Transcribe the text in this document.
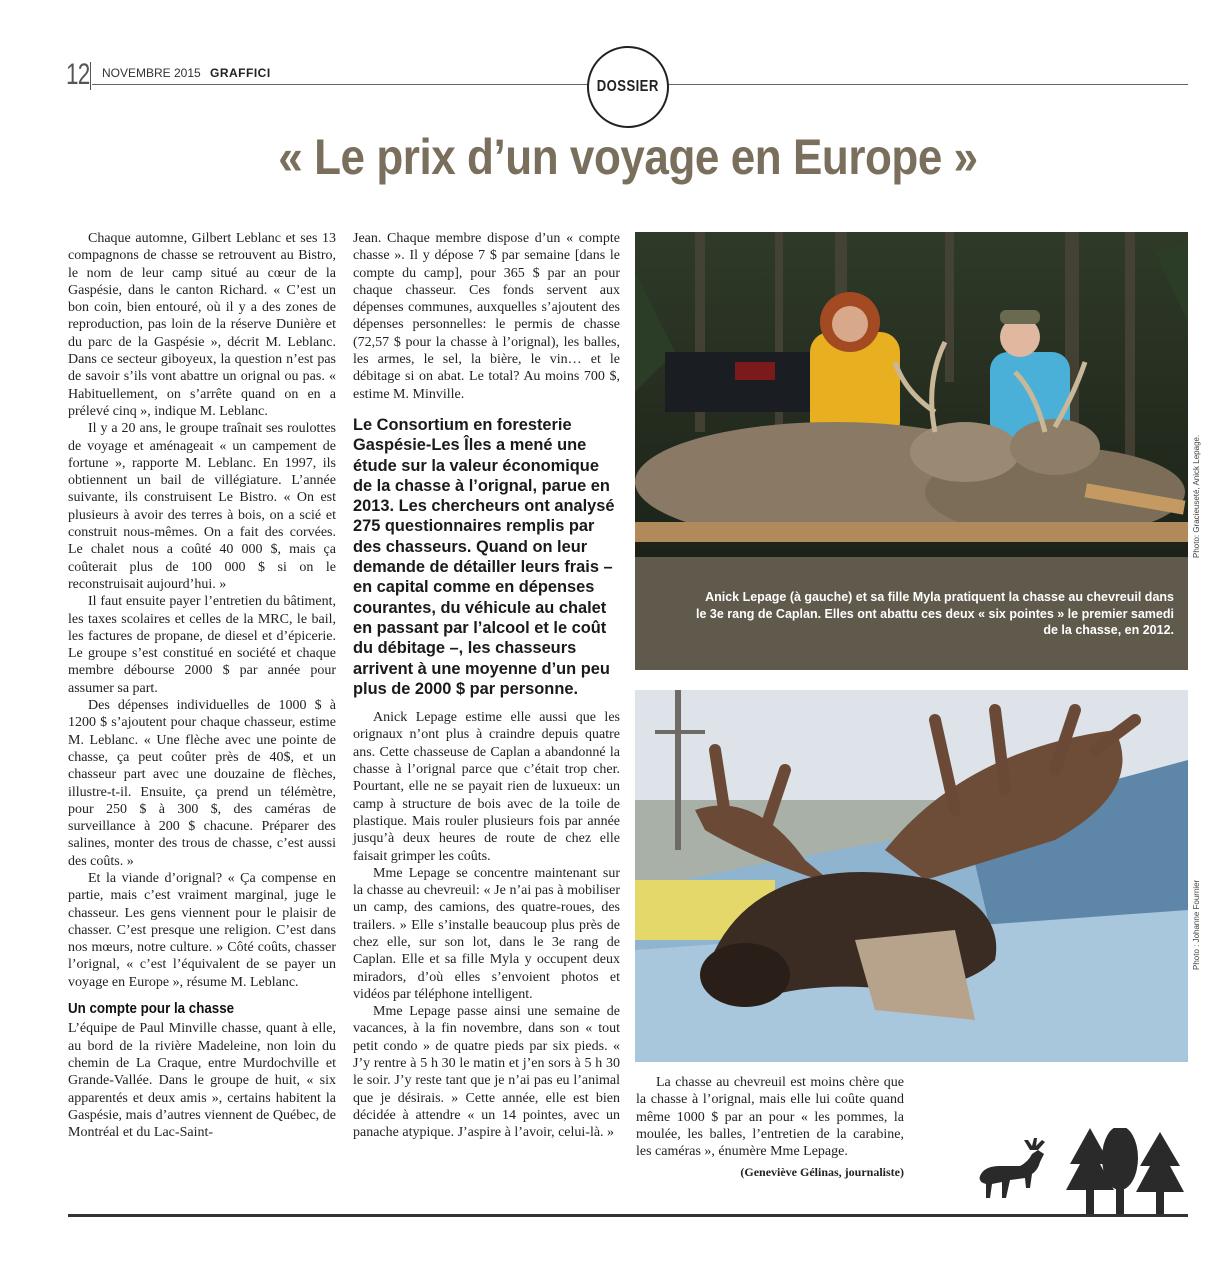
12 NOVEMBRE 2015 GRAFFICI
DOSSIER
« Le prix d’un voyage en Europe »

Chaque automne, Gilbert Leblanc et ses 13 compagnons de chasse se retrouvent au Bistro, le nom de leur camp situé au cœur de la Gaspésie, dans le canton Richard. « C’est un bon coin, bien entouré, où il y a des zones de reproduction, pas loin de la réserve Dunière et du parc de la Gaspésie », décrit M. Leblanc. Dans ce secteur giboyeux, la question n’est pas de savoir s’ils vont abattre un orignal ou pas. « Habituellement, on s’arrête quand on en a prélevé cinq », indique M. Leblanc.

Il y a 20 ans, le groupe traînait ses roulottes de voyage et aménageait « un campement de fortune », rapporte M. Leblanc. En 1997, ils obtiennent un bail de villégiature. L’année suivante, ils construisent Le Bistro. « On est plusieurs à avoir des terres à bois, on a scié et construit nous-mêmes. On a fait des corvées. Le chalet nous a coûté 40 000 $, mais ça coûterait plus de 100 000 $ si on le reconstruisait aujourd’hui. »

Il faut ensuite payer l’entretien du bâtiment, les taxes scolaires et celles de la MRC, le bail, les factures de propane, de diesel et d’épicerie. Le groupe s’est constitué en société et chaque membre débourse 2000 $ par année pour assumer sa part.

Des dépenses individuelles de 1000 $ à 1200 $ s’ajoutent pour chaque chasseur, estime M. Leblanc. « Une flèche avec une pointe de chasse, ça peut coûter près de 40$, et un chasseur part avec une douzaine de flèches, illustre-t-il. Ensuite, ça prend un télémètre, pour 250 $ à 300 $, des caméras de surveillance à 200 $ chacune. Préparer des salines, monter des trous de chasse, c’est aussi des coûts. »

Et la viande d’orignal? « Ça compense en partie, mais c’est vraiment marginal, juge le chasseur. Les gens viennent pour le plaisir de chasser. C’est presque une religion. C’est dans nos mœurs, notre culture. » Côté coûts, chasser l’orignal, « c’est l’équivalent de se payer un voyage en Europe », résume M. Leblanc.

Un compte pour la chasse

L’équipe de Paul Minville chasse, quant à elle, au bord de la rivière Madeleine, non loin du chemin de La Craque, entre Murdochville et Grande-Vallée. Dans le groupe de huit, « six apparentés et deux amis », certains habitent la Gaspésie, mais d’autres viennent de Québec, de Montréal et du Lac-Saint-

Jean. Chaque membre dispose d’un « compte chasse ». Il y dépose 7 $ par semaine [dans le compte du camp], pour 365 $ par an pour chaque chasseur. Ces fonds servent aux dépenses communes, auxquelles s’ajoutent des dépenses personnelles: le permis de chasse (72,57 $ pour la chasse à l’orignal), les balles, les armes, le sel, la bière, le vin… et le débitage si on abat. Le total? Au moins 700 $, estime M. Minville.

Le Consortium en foresterie Gaspésie-Les Îles a mené une étude sur la valeur économique de la chasse à l’orignal, parue en 2013. Les chercheurs ont analysé 275 questionnaires remplis par des chasseurs. Quand on leur demande de détailler leurs frais – en capital comme en dépenses courantes, du véhicule au chalet en passant par l’alcool et le coût du débitage –, les chasseurs arrivent à une moyenne d’un peu plus de 2000 $ par personne.

Anick Lepage estime elle aussi que les orignaux n’ont plus à craindre depuis quatre ans. Cette chasseuse de Caplan a abandonné la chasse à l’orignal parce que c’était trop cher. Pourtant, elle ne se payait rien de luxueux: un camp à structure de bois avec de la toile de plastique. Mais rouler plusieurs fois par année jusqu’à deux heures de route de chez elle faisait grimper les coûts.

Mme Lepage se concentre maintenant sur la chasse au chevreuil: « Je n’ai pas à mobiliser un camp, des camions, des quatre-roues, des trailers. » Elle s’installe beaucoup plus près de chez elle, sur son lot, dans le 3e rang de Caplan. Elle et sa fille Myla y occupent deux miradors, d’où elles s’envoient photos et vidéos par téléphone intelligent.

Mme Lepage passe ainsi une semaine de vacances, à la fin novembre, dans son « tout petit condo » de quatre pieds par six pieds. « J’y rentre à 5 h 30 le matin et j’en sors à 5 h 30 le soir. J’y reste tant que je n’ai pas eu l’animal que je désirais. » Cette année, elle est bien décidée à attendre « un 14 pointes, avec un panache atypique. J’aspire à l’avoir, celui-là. »

Anick Lepage (à gauche) et sa fille Myla pratiquent la chasse au chevreuil dans le 3e rang de Caplan. Elles ont abattu ces deux « six pointes » le premier samedi de la chasse, en 2012.

Photo: Gracieuseté, Anick Lepage.
Photo : Johanne Fournier

La chasse au chevreuil est moins chère que la chasse à l’orignal, mais elle lui coûte quand même 1000 $ par an pour « les pommes, la moulée, les balles, l’entretien de la carabine, les caméras », énumère Mme Lepage.

(Geneviève Gélinas, journaliste)
